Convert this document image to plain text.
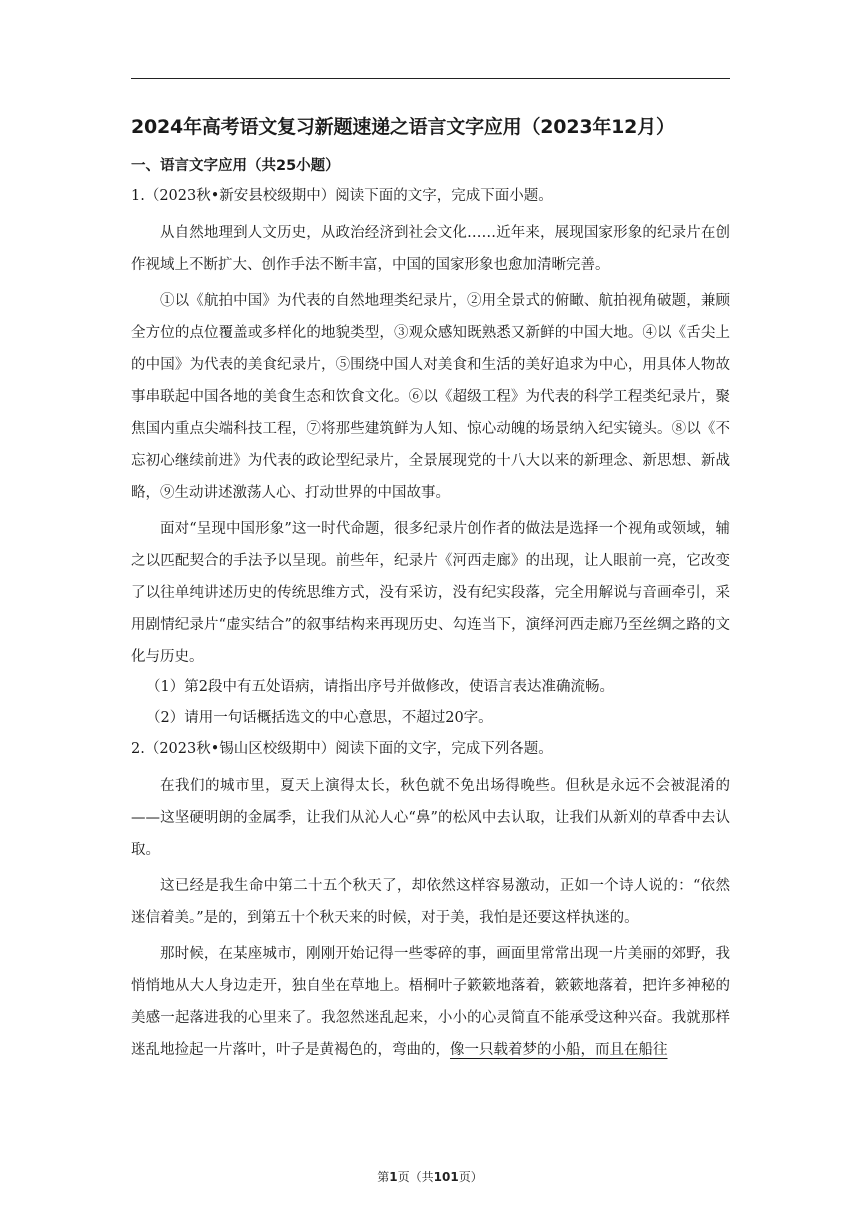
2024年高考语文复习新题速递之语言文字应用（2023年12月）
一、语言文字应用（共25小题）
1.（2023秋•新安县校级期中）阅读下面的文字，完成下面小题。

从自然地理到人文历史，从政治经济到社会文化……近年来，展现国家形象的纪录片在创作视域上不断扩大、创作手法不断丰富，中国的国家形象也愈加清晰完善。

①以《航拍中国》为代表的自然地理类纪录片，②用全景式的俯瞰、航拍视角破题，兼顾全方位的点位覆盖或多样化的地貌类型，③观众感知既熟悉又新鲜的中国大地。④以《舌尖上的中国》为代表的美食纪录片，⑤围绕中国人对美食和生活的美好追求为中心，用具体人物故事串联起中国各地的美食生态和饮食文化。⑥以《超级工程》为代表的科学工程类纪录片，聚焦国内重点尖端科技工程，⑦将那些建筑鲜为人知、惊心动魄的场景纳入纪实镜头。⑧以《不忘初心继续前进》为代表的政论型纪录片，全景展现党的十八大以来的新理念、新思想、新战略，⑨生动讲述激荡人心、打动世界的中国故事。

面对“呈现中国形象”这一时代命题，很多纪录片创作者的做法是选择一个视角或领域，辅之以匹配契合的手法予以呈现。前些年，纪录片《河西走廊》的出现，让人眼前一亮，它改变了以往单纯讲述历史的传统思维方式，没有采访，没有纪实段落，完全用解说与音画牵引，采用剧情纪录片“虚实结合”的叙事结构来再现历史、勾连当下，演绎河西走廊乃至丝绸之路的文化与历史。

（1）第2段中有五处语病，请指出序号并做修改，使语言表达准确流畅。
（2）请用一句话概括选文的中心意思，不超过20字。
2.（2023秋•锡山区校级期中）阅读下面的文字，完成下列各题。

在我们的城市里，夏天上演得太长，秋色就不免出场得晚些。但秋是永远不会被混淆的——这坚硬明朗的金属季，让我们从沁人心“鼻”的松风中去认取，让我们从新刈的草香中去认取。

这已经是我生命中第二十五个秋天了，却依然这样容易激动，正如一个诗人说的：“依然迷信着美。”是的，到第五十个秋天来的时候，对于美，我怕是还要这样执迷的。

那时候，在某座城市，刚刚开始记得一些零碎的事，画面里常常出现一片美丽的郊野，我悄悄地从大人身边走开，独自坐在草地上。梧桐叶子簌簌地落着，簌簌地落着，把许多神秘的美感一起落进我的心里来了。我忽然迷乱起来，小小的心灵简直不能承受这种兴奋。我就那样迷乱地捡起一片落叶，叶子是黄褐色的，弯曲的，像一只载着梦的小船，而且在船往

第1页（共101页）
